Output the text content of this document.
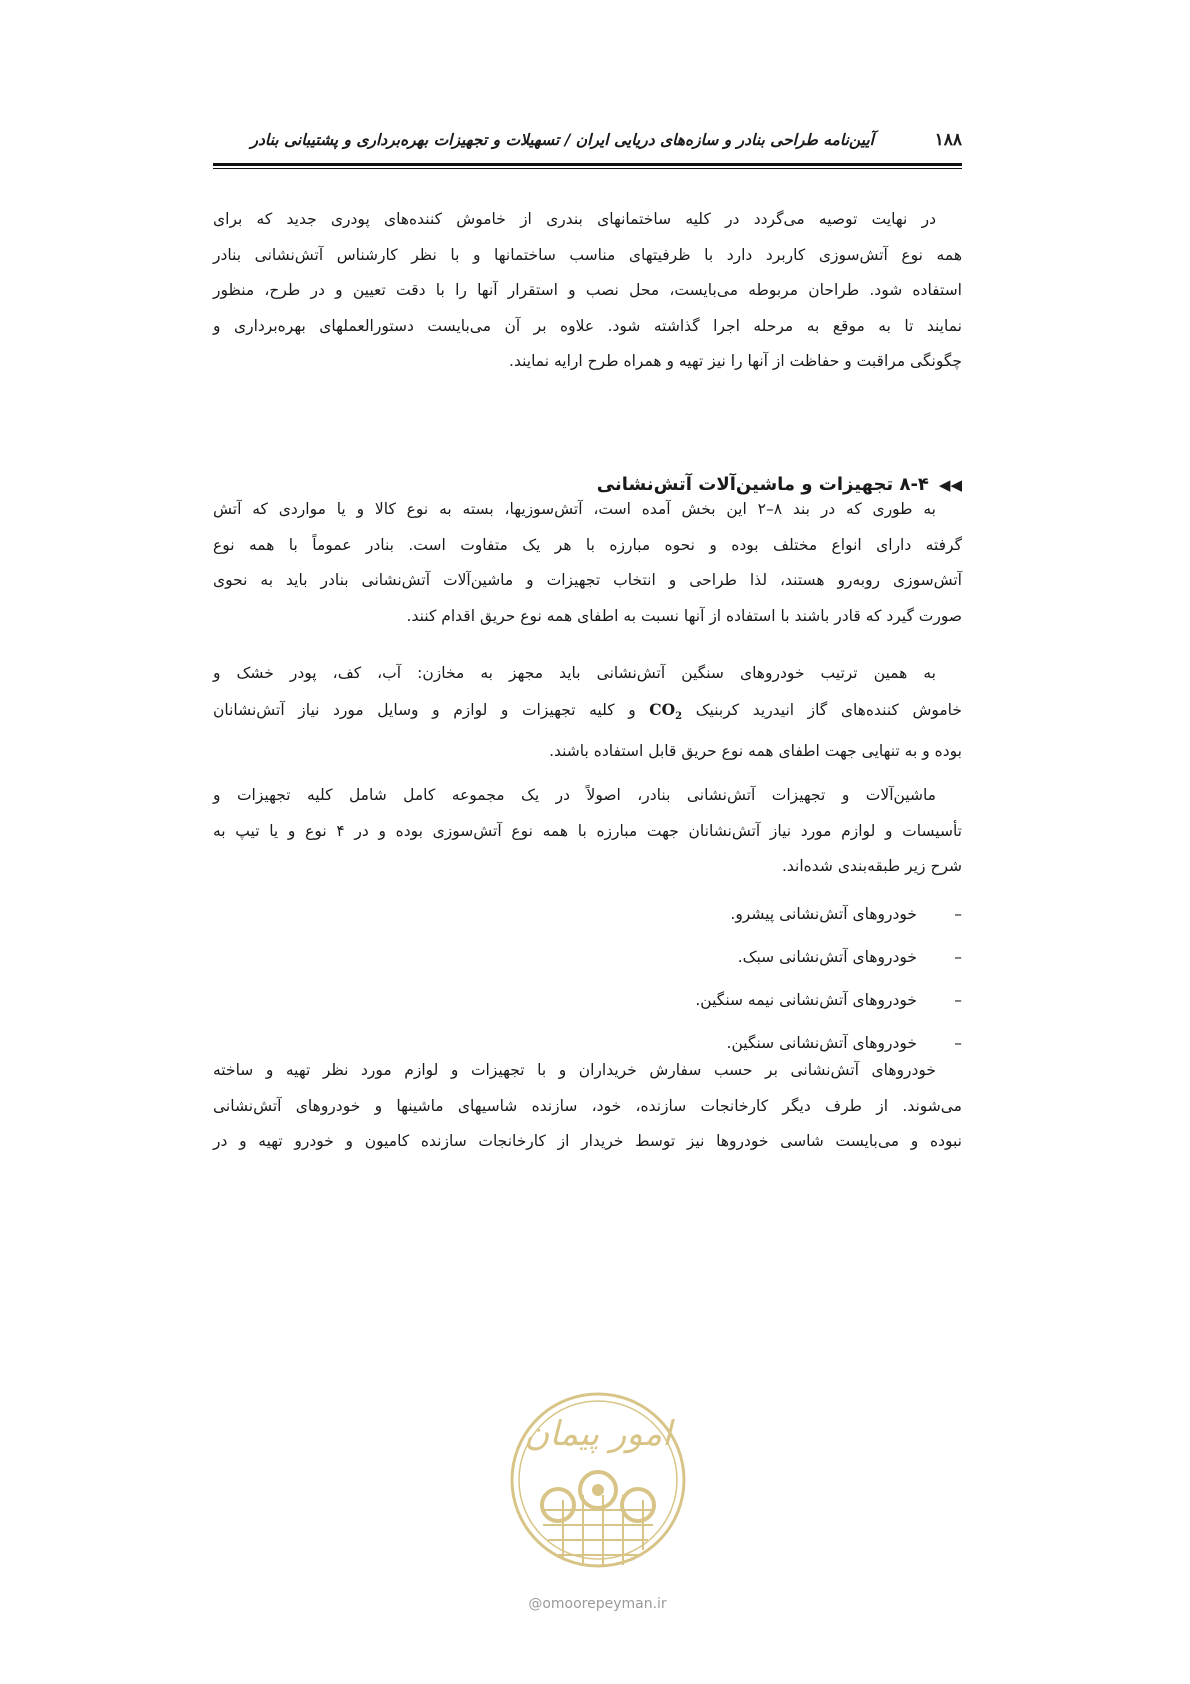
۱۸۸
آیین‌نامه طراحی بنادر و سازه‌های دریایی ایران / تسهیلات و تجهیزات بهره‌برداری و پشتیبانی بنادر

در نهایت توصیه می‌گردد در کلیه ساختمانهای بندری از خاموش کننده‌های پودری جدید که برای

همه نوع آتش‌سوزی کاربرد دارد با ظرفیتهای مناسب ساختمانها و با نظر کارشناس آتش‌نشانی بنادر
استفاده شود. طراحان مربوطه می‌بایست، محل نصب و استقرار آنها را با دقت تعیین و در طرح، منظور
نمایند تا به موقع به مرحله اجرا گذاشته شود. علاوه بر آن می‌بایست دستورالعملهای بهره‌برداری و
چگونگی مراقبت و حفاظت از آنها را نیز تهیه و همراه طرح ارایه نمایند.
◀◀۸-۴ تجهیزات و ماشین‌آلات آتش‌نشانی

به طوری که در بند ۸–۲ این بخش آمده است، آتش‌سوزیها، بسته به نوع کالا و یا مواردی که آتش

گرفته دارای انواع مختلف بوده و نحوه مبارزه با هر یک متفاوت است. بنادر عموماً با همه نوع
آتش‌سوزی روبه‌رو هستند، لذا طراحی و انتخاب تجهیزات و ماشین‌آلات آتش‌نشانی بنادر باید به نحوی
صورت گیرد که قادر باشند با استفاده از آنها نسبت به اطفای همه نوع حریق اقدام کنند.

به همین ترتیب خودروهای سنگین آتش‌نشانی باید مجهز به مخازن: آب، کف، پودر خشک و

خاموش کننده‌های گاز انیدرید کربنیک $CO_2$ و کلیه تجهیزات و لوازم و وسایل مورد نیاز آتش‌نشانان
بوده و به تنهایی جهت اطفای همه نوع حریق قابل استفاده باشند.

ماشین‌آلات و تجهیزات آتش‌نشانی بنادر، اصولاً در یک مجموعه کامل شامل کلیه تجهیزات و

تأسیسات و لوازم مورد نیاز آتش‌نشانان جهت مبارزه با همه نوع آتش‌سوزی بوده و در ۴ نوع و یا تیپ به
شرح زیر طبقه‌بندی شده‌اند.
–خودروهای آتش‌نشانی پیشرو.
–خودروهای آتش‌نشانی سبک.
–خودروهای آتش‌نشانی نیمه سنگین.
–خودروهای آتش‌نشانی سنگین.

خودروهای آتش‌نشانی بر حسب سفارش خریداران و با تجهیزات و لوازم مورد نظر تهیه و ساخته

می‌شوند. از طرف دیگر کارخانجات سازنده، خود، سازنده شاسیهای ماشینها و خودروهای آتش‌نشانی
نبوده و می‌بایست شاسی خودروها نیز توسط خریدار از کارخانجات سازنده کامیون و خودرو تهیه و در
امور پیمان
@omoorepeyman.ir
